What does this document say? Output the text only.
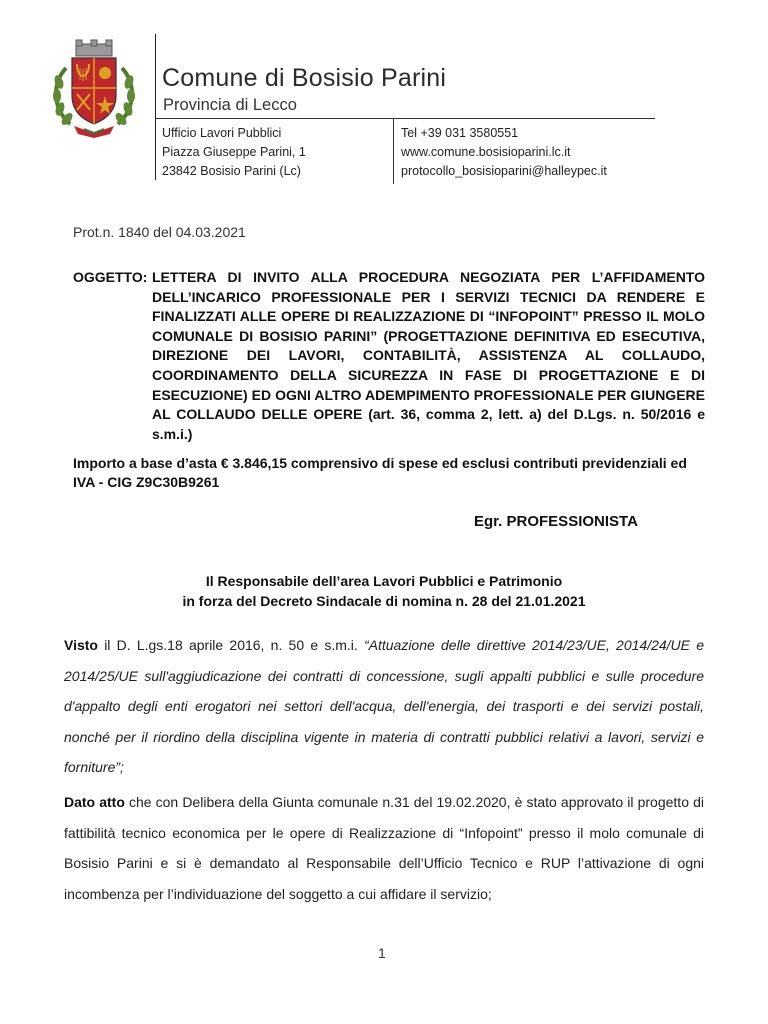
Comune di Bosisio Parini
Provincia di Lecco
Ufficio Lavori Pubblici
Piazza Giuseppe Parini, 1
23842 Bosisio Parini (Lc)

Tel +39 031 3580551
www.comune.bosisioparini.lc.it
protocollo_bosisioparini@halleypec.it
Prot.n. 1840 del 04.03.2021
OGGETTO: LETTERA DI INVITO ALLA PROCEDURA NEGOZIATA PER L’AFFIDAMENTO DELL’INCARICO PROFESSIONALE PER I SERVIZI TECNICI DA RENDERE E FINALIZZATI ALLE OPERE DI REALIZZAZIONE DI “INFOPOINT” PRESSO IL MOLO COMUNALE DI BOSISIO PARINI” (PROGETTAZIONE DEFINITIVA ED ESECUTIVA, DIREZIONE DEI LAVORI, CONTABILITÀ, ASSISTENZA AL COLLAUDO, COORDINAMENTO DELLA SICUREZZA IN FASE DI PROGETTAZIONE E DI ESECUZIONE) ED OGNI ALTRO ADEMPIMENTO PROFESSIONALE PER GIUNGERE AL COLLAUDO DELLE OPERE (art. 36, comma 2, lett. a) del D.Lgs. n. 50/2016 e s.m.i.)
Importo a base d’asta € 3.846,15 comprensivo di spese ed esclusi contributi previdenziali ed IVA - CIG Z9C30B9261
Egr. PROFESSIONISTA
Il Responsabile dell’area Lavori Pubblici e Patrimonio
in forza del Decreto Sindacale di nomina n. 28 del 21.01.2021
Visto il D. L.gs.18 aprile 2016, n. 50 e s.m.i. “Attuazione delle direttive 2014/23/UE, 2014/24/UE e 2014/25/UE sull'aggiudicazione dei contratti di concessione, sugli appalti pubblici e sulle procedure d'appalto degli enti erogatori nei settori dell'acqua, dell'energia, dei trasporti e dei servizi postali, nonché per il riordino della disciplina vigente in materia di contratti pubblici relativi a lavori, servizi e forniture”;
Dato atto che con Delibera della Giunta comunale n.31 del 19.02.2020, è stato approvato il progetto di fattibilità tecnico economica per le opere di Realizzazione di “Infopoint” presso il molo comunale di Bosisio Parini e si è demandato al Responsabile dell’Ufficio Tecnico e RUP l’attivazione di ogni incombenza per l’individuazione del soggetto a cui affidare il servizio;
1
